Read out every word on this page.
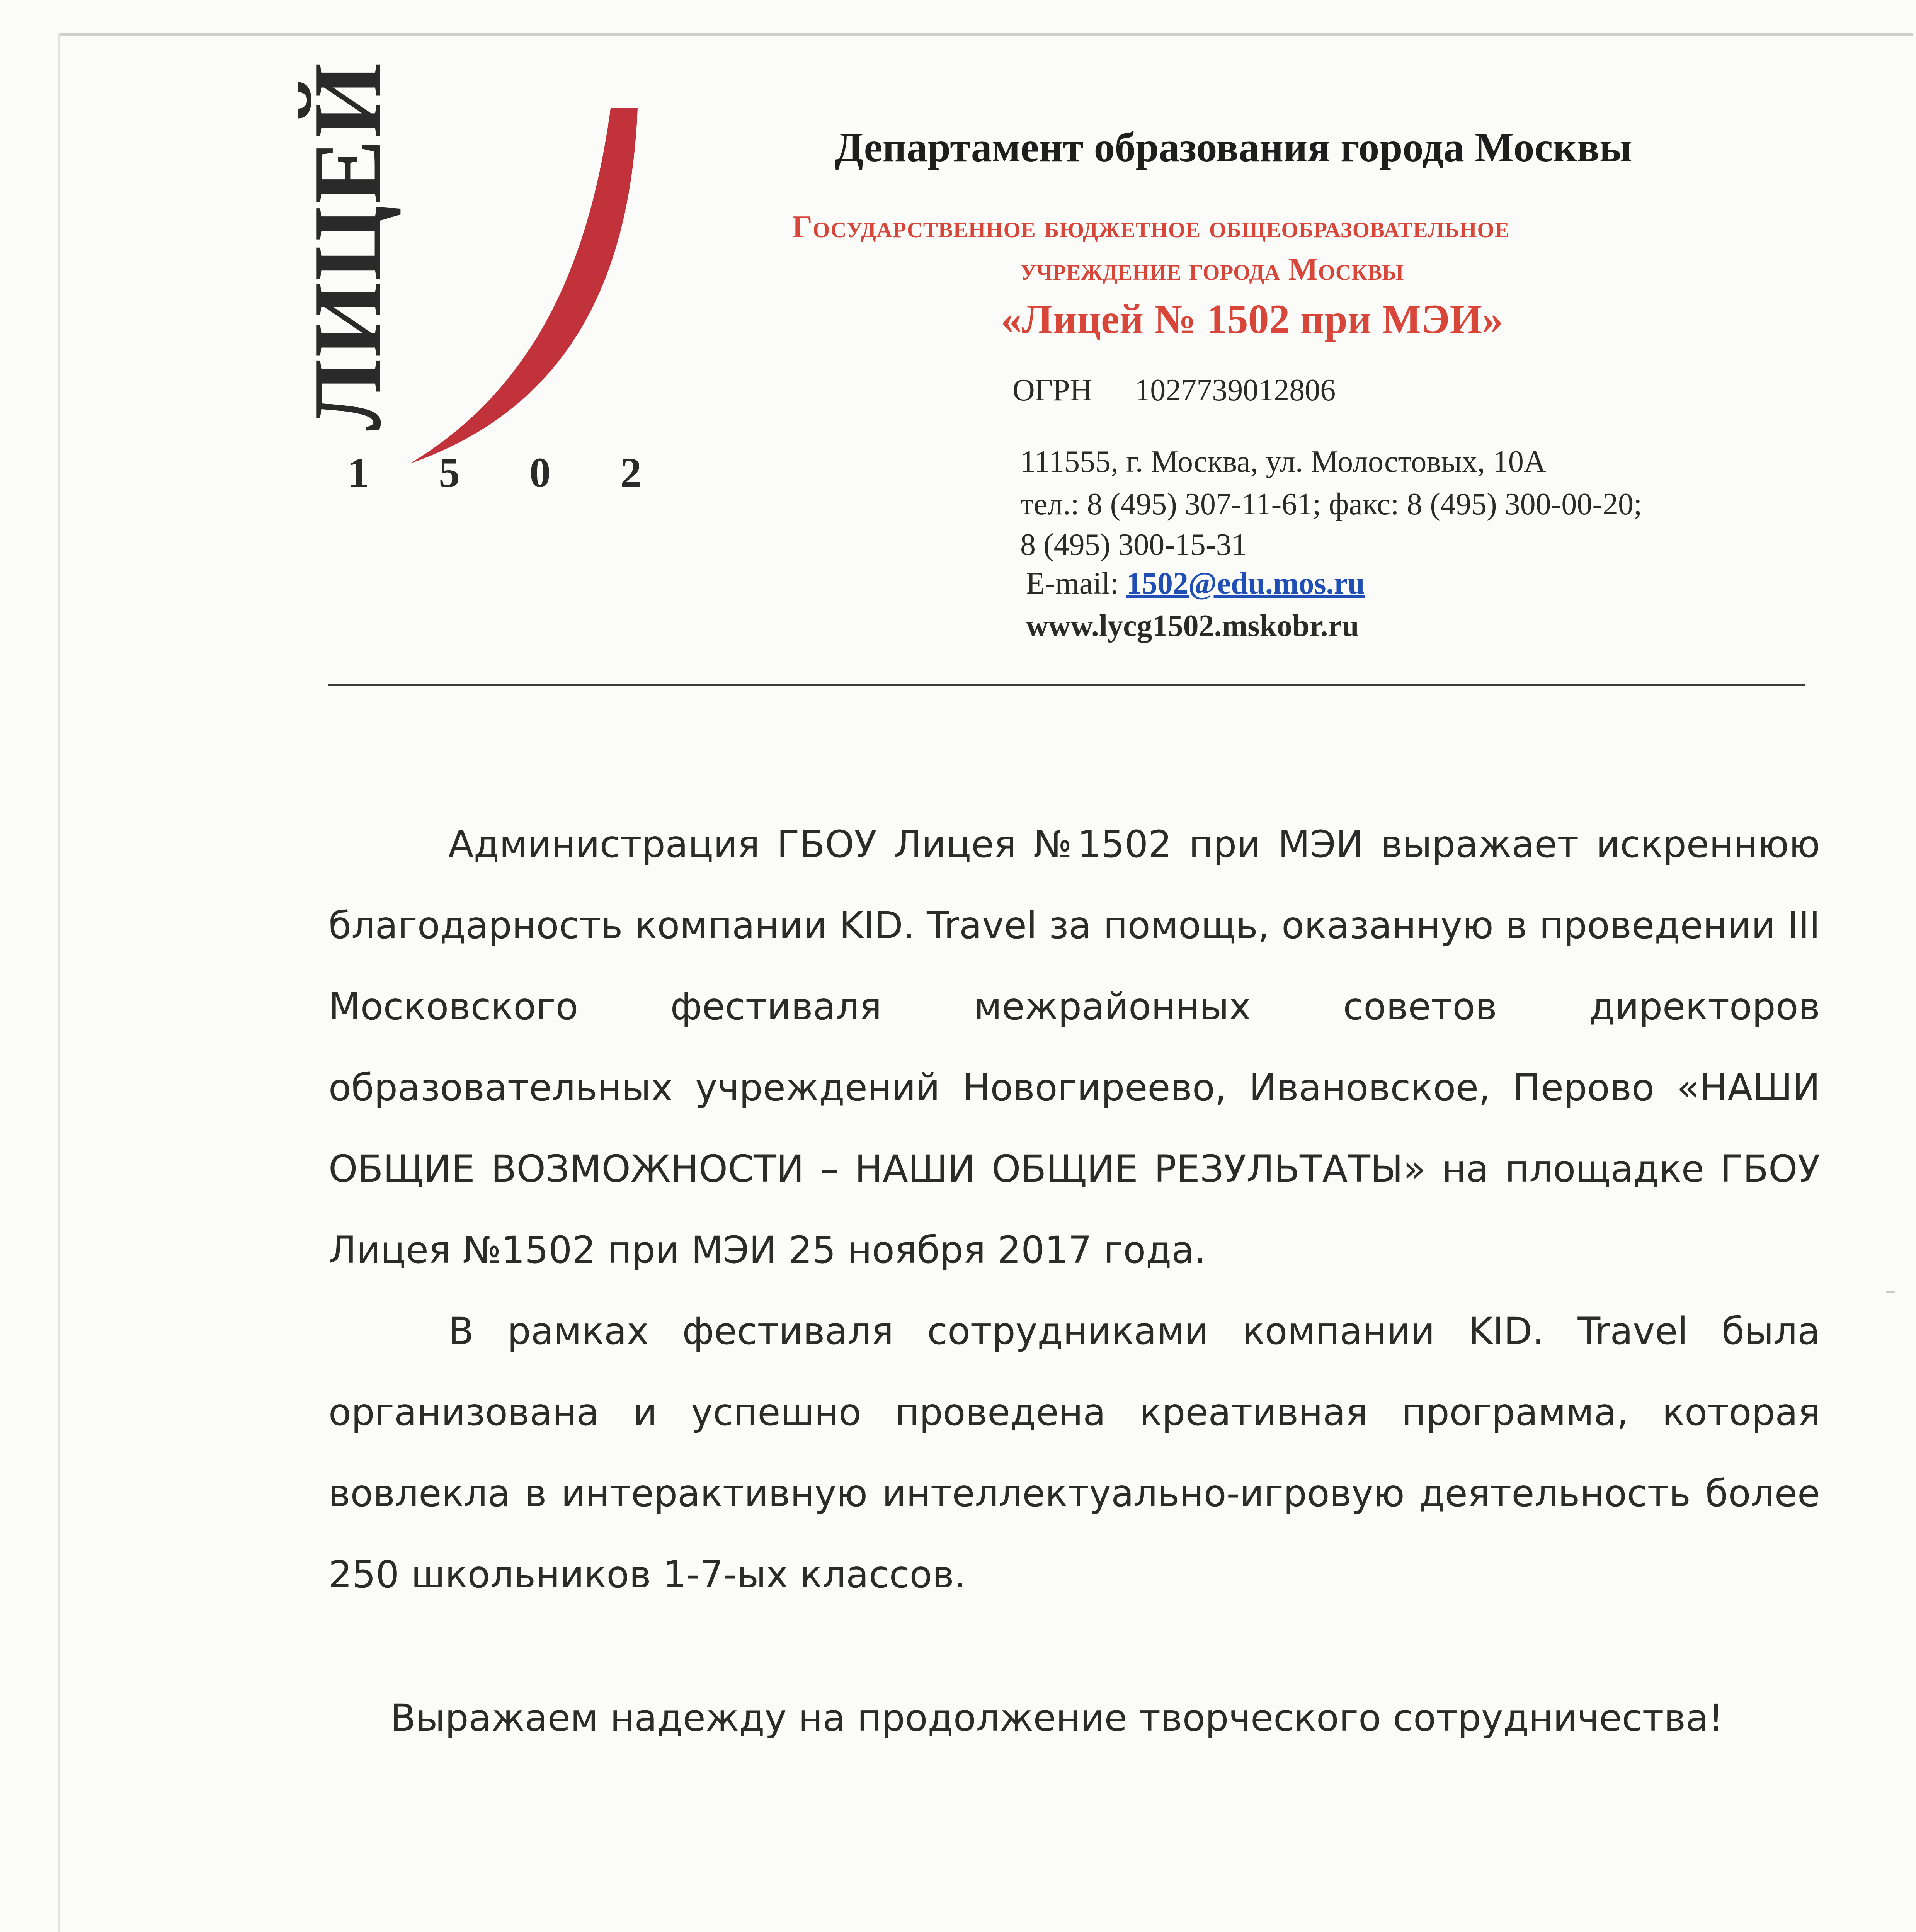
ЛИЦЕЙ
1 5 0 2
Департамент образования города Москвы
Государственное бюджетное общеобразовательное
учреждение города Москвы
«Лицей № 1502 при МЭИ»
ОГРН 1027739012806
111555, г. Москва, ул. Молостовых, 10А
тел.: 8 (495) 307-11-61; факс: 8 (495) 300-00-20;
8 (495) 300-15-31
E-mail: 1502@edu.mos.ru
www.lycg1502.mskobr.ru

Администрация ГБОУ Лицея №1502 при МЭИ выражает искреннюю благодарность компании KID. Travel за помощь, оказанную в проведении III Московского фестиваля межрайонных советов директоров образовательных учреждений Новогиреево, Ивановское, Перово «НАШИ ОБЩИЕ ВОЗМОЖНОСТИ – НАШИ ОБЩИЕ РЕЗУЛЬТАТЫ» на площадке ГБОУ Лицея №1502 при МЭИ 25 ноября 2017 года.

В рамках фестиваля сотрудниками компании KID. Travel была организована и успешно проведена креативная программа, которая вовлекла в интерактивную интеллектуально-игровую деятельность более 250 школьников 1-7-ых классов.

Выражаем надежду на продолжение творческого сотрудничества!
